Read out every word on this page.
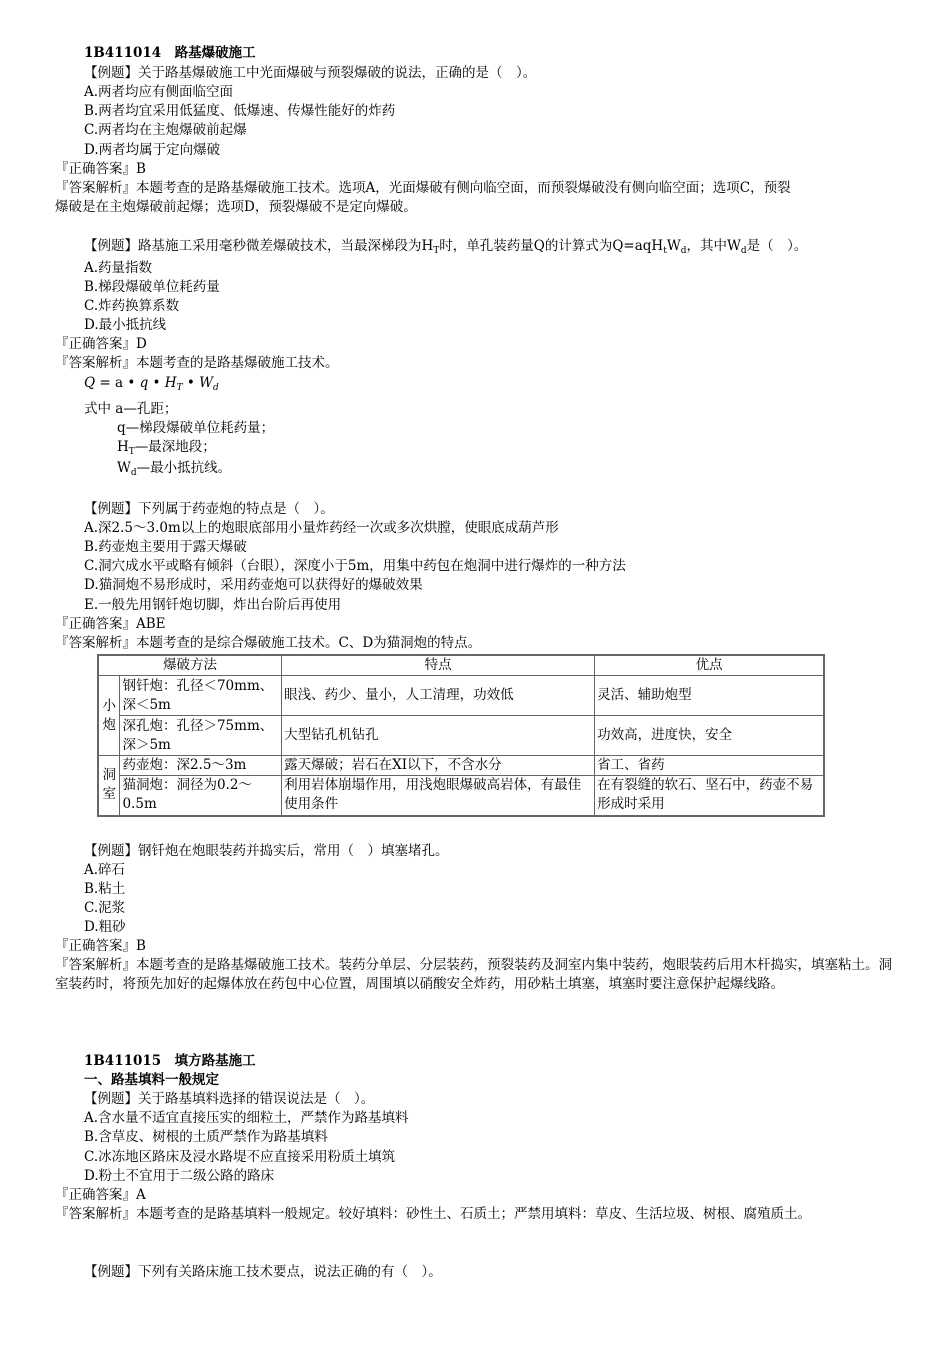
1B411014　路基爆破施工
【例题】关于路基爆破施工中光面爆破与预裂爆破的说法，正确的是（　）。
A.两者均应有侧面临空面
B.两者均宜采用低猛度、低爆速、传爆性能好的炸药
C.两者均在主炮爆破前起爆
D.两者均属于定向爆破
『正确答案』B
『答案解析』本题考查的是路基爆破施工技术。选项A，光面爆破有侧向临空面，而预裂爆破没有侧向临空面；选项C，预裂
爆破是在主炮爆破前起爆；选项D，预裂爆破不是定向爆破。
【例题】路基施工采用毫秒微差爆破技术，当最深梯段为$H_T$时，单孔装药量Q的计算式为$Q=aqH_tW_d$，其中$W_d$是（　）。
A.药量指数
B.梯段爆破单位耗药量
C.炸药换算系数
D.最小抵抗线
『正确答案』D
『答案解析』本题考查的是路基爆破施工技术。
Q = a • q • $H_T$ • $W_d$
式中 a—孔距；
q—梯段爆破单位耗药量；
$H_T—$最深地段；
$W_d—$最小抵抗线。
【例题】下列属于药壶炮的特点是（　）。
A.深2.5～3.0m以上的炮眼底部用小量炸药经一次或多次烘膛，使眼底成葫芦形
B.药壶炮主要用于露天爆破
C.洞穴成水平或略有倾斜（台眼），深度小于5m，用集中药包在炮洞中进行爆炸的一种方法
D.猫洞炮不易形成时，采用药壶炮可以获得好的爆破效果
E.一般先用钢钎炮切脚，炸出台阶后再使用
『正确答案』ABE
『答案解析』本题考查的是综合爆破施工技术。C、D为猫洞炮的特点。
爆破方法		特点	优点
小炮	钢钎炮：孔径＜70mm、深＜5m	眼浅、药少、量小，人工清理，功效低	灵活、辅助炮型
	深孔炮：孔径＞75mm、深＞5m	大型钻孔机钻孔	功效高，进度快，安全
洞室	药壶炮：深2.5～3m	露天爆破；岩石在XI以下，不含水分	省工、省药
	猫洞炮：洞径为0.2～0.5m	利用岩体崩塌作用，用浅炮眼爆破高岩体，有最佳使用条件	在有裂缝的软石、坚石中，药壶不易形成时采用
【例题】钢钎炮在炮眼装药并捣实后，常用（　）填塞堵孔。
A.碎石
B.粘土
C.泥浆
D.粗砂
『正确答案』B
『答案解析』本题考查的是路基爆破施工技术。装药分单层、分层装药，预裂装药及洞室内集中装药，炮眼装药后用木杆捣实，填塞粘土。洞室装药时，将预先加好的起爆体放在药包中心位置，周围填以硝酸安全炸药，用砂粘土填塞，填塞时要注意保护起爆线路。
1B411015　填方路基施工
一、路基填料一般规定
【例题】关于路基填料选择的错误说法是（　）。
A.含水量不适宜直接压实的细粒土，严禁作为路基填料
B.含草皮、树根的土质严禁作为路基填料
C.冰冻地区路床及浸水路堤不应直接采用粉质土填筑
D.粉土不宜用于二级公路的路床
『正确答案』A
『答案解析』本题考查的是路基填料一般规定。较好填料：砂性土、石质土；严禁用填料：草皮、生活垃圾、树根、腐殖质土。
【例题】下列有关路床施工技术要点，说法正确的有（　）。
